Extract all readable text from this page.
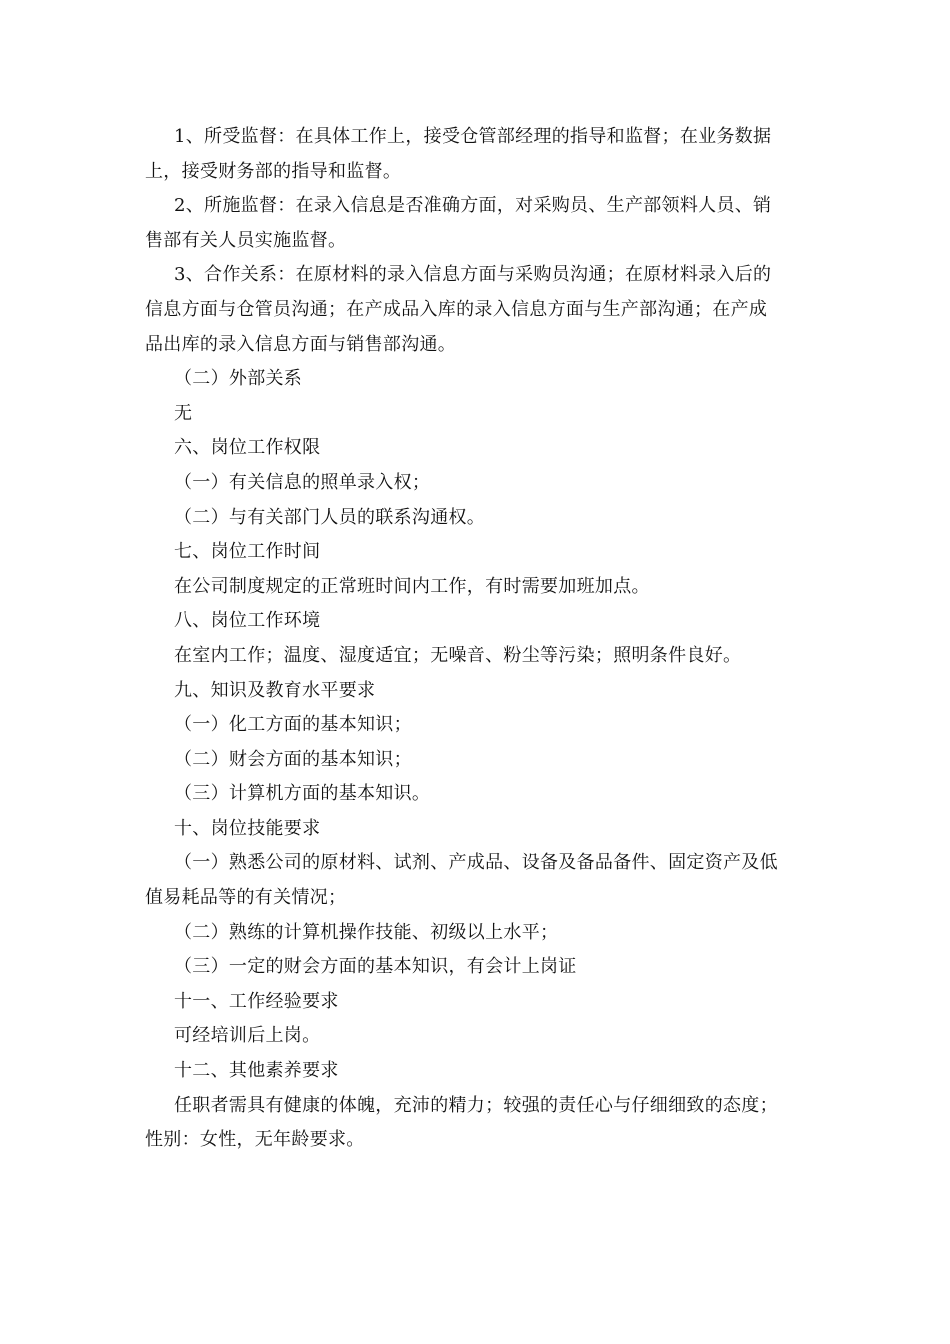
1、所受监督：在具体工作上，接受仓管部经理的指导和监督；在业务数据
上，接受财务部的指导和监督。
2、所施监督：在录入信息是否准确方面，对采购员、生产部领料人员、销
售部有关人员实施监督。
3、合作关系：在原材料的录入信息方面与采购员沟通；在原材料录入后的
信息方面与仓管员沟通；在产成品入库的录入信息方面与生产部沟通；在产成
品出库的录入信息方面与销售部沟通。
（二）外部关系
无
六、岗位工作权限
（一）有关信息的照单录入权；
（二）与有关部门人员的联系沟通权。
七、岗位工作时间
在公司制度规定的正常班时间内工作，有时需要加班加点。
八、岗位工作环境
在室内工作；温度、湿度适宜；无噪音、粉尘等污染；照明条件良好。
九、知识及教育水平要求
（一）化工方面的基本知识；
（二）财会方面的基本知识；
（三）计算机方面的基本知识。
十、岗位技能要求
（一）熟悉公司的原材料、试剂、产成品、设备及备品备件、固定资产及低
值易耗品等的有关情况；
（二）熟练的计算机操作技能、初级以上水平；
（三）一定的财会方面的基本知识，有会计上岗证
十一、工作经验要求
可经培训后上岗。
十二、其他素养要求
任职者需具有健康的体魄，充沛的精力；较强的责任心与仔细细致的态度；
性别：女性，无年龄要求。
